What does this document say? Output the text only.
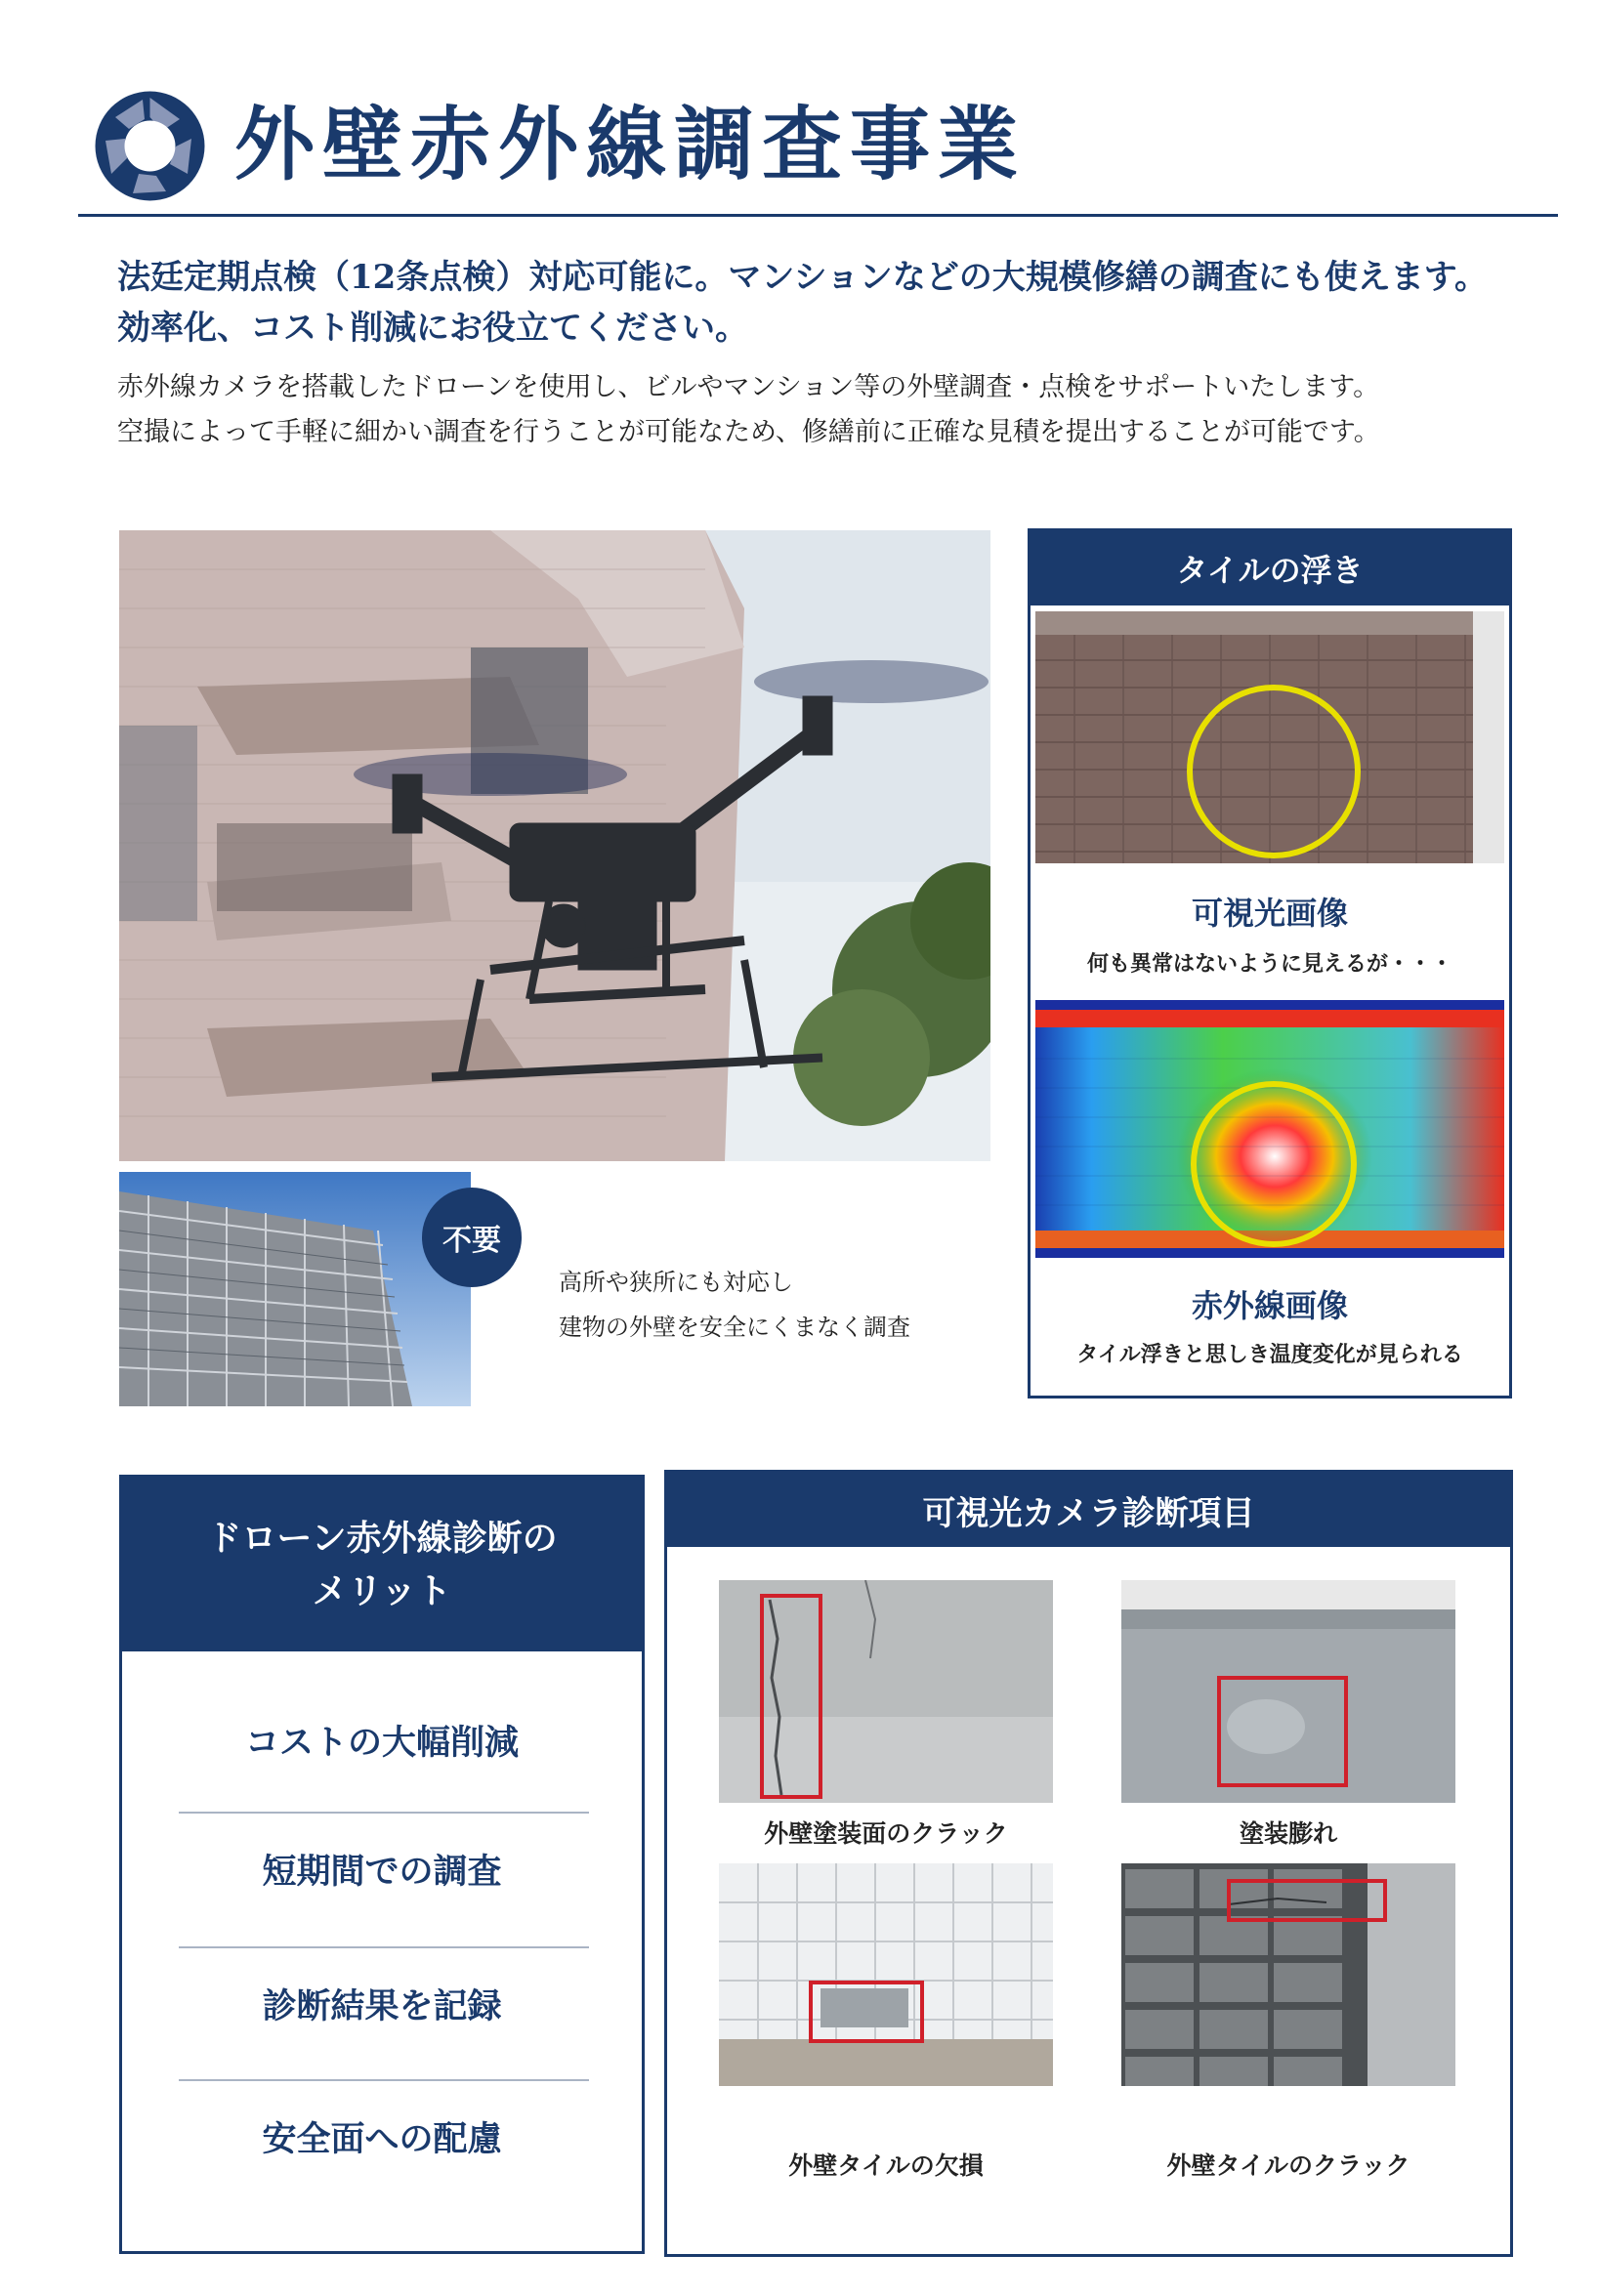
外壁赤外線調査事業
法廷定期点検（12条点検）対応可能に。マンションなどの大規模修繕の調査にも使えます。
効率化、コスト削減にお役立てください。
赤外線カメラを搭載したドローンを使用し、ビルやマンション等の外壁調査・点検をサポートいたします。
空撮によって手軽に細かい調査を行うことが可能なため、修繕前に正確な見積を提出することが可能です。
不要
高所や狭所にも対応し
建物の外壁を安全にくまなく調査
タイルの浮き
可視光画像
何も異常はないように見えるが・・・
赤外線画像
タイル浮きと思しき温度変化が見られる
ドローン赤外線診断の
メリット
コストの大幅削減
短期間での調査
診断結果を記録
安全面への配慮
可視光カメラ診断項目
外壁塗装面のクラック	塗装膨れ
外壁タイルの欠損	外壁タイルのクラック
